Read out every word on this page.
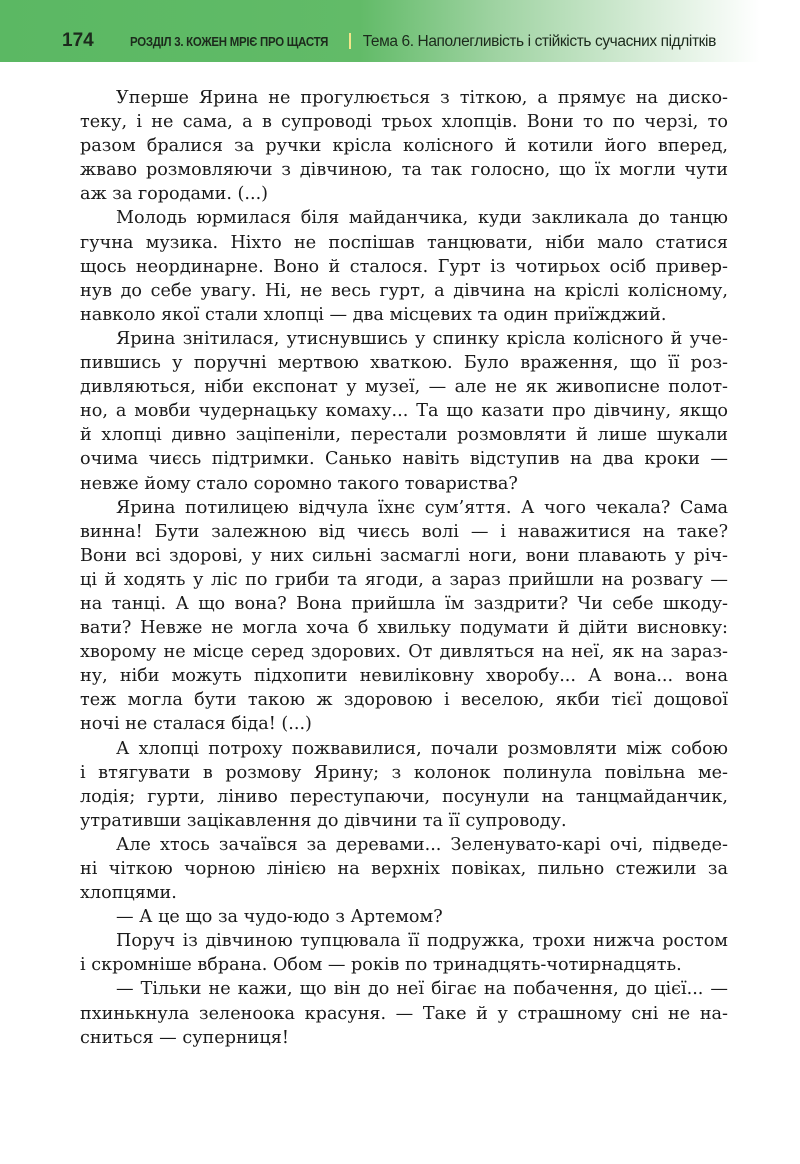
174	РОЗДІЛ 3. КОЖЕН МРІЄ ПРО ЩАСТЯ Тема 6. Наполегливість і стійкість сучасних підлітків
Уперше Ярина не прогулюється з тіткою, а прямує на диско-
теку, і не сама, а в супроводі трьох хлопців. Вони то по черзі, то
разом бралися за ручки крісла колісного й котили його вперед,
жваво розмовляючи з дівчиною, та так голосно, що їх могли чути
аж за городами. (...)
Молодь юрмилася біля майданчика, куди закликала до танцю
гучна музика. Ніхто не поспішав танцювати, ніби мало статися
щось неординарне. Воно й сталося. Гурт із чотирьох осіб привер-
нув до себе увагу. Ні, не весь гурт, а дівчина на кріслі колісному,
навколо якої стали хлопці — два місцевих та один приїжджий.
Ярина знітилася, утиснувшись у спинку крісла колісного й уче-
пившись у поручні мертвою хваткою. Було враження, що її роз-
дивляються, ніби експонат у музеї, — але не як живописне полот-
но, а мовби чудернацьку комаху... Та що казати про дівчину, якщо
й хлопці дивно заціпеніли, перестали розмовляти й лише шукали
очима чиєсь підтримки. Санько навіть відступив на два кроки —
невже йому стало соромно такого товариства?
Ярина потилицею відчула їхнє сум’яття. А чого чекала? Сама
винна! Бути залежною від чиєсь волі — і наважитися на таке?
Вони всі здорові, у них сильні засмаглі ноги, вони плавають у річ-
ці й ходять у ліс по гриби та ягоди, а зараз прийшли на розвагу —
на танці. А що вона? Вона прийшла їм заздрити? Чи себе шкоду-
вати? Невже не могла хоча б хвильку подумати й дійти висновку:
хворому не місце серед здорових. От дивляться на неї, як на зараз-
ну, ніби можуть підхопити невиліковну хворобу... А вона... вона
теж могла бути такою ж здоровою і веселою, якби тієї дощової
ночі не сталася біда! (...)
А хлопці потроху пожвавилися, почали розмовляти між собою
і втягувати в розмову Ярину; з колонок полинула повільна ме-
лодія; гурти, ліниво переступаючи, посунули на танцмайданчик,
утративши зацікавлення до дівчини та її супроводу.
Але хтось зачаївся за деревами... Зеленувато-карі очі, підведе-
ні чіткою чорною лінією на верхніх повіках, пильно стежили за
хлопцями.
— А це що за чудо-юдо з Артемом?
Поруч із дівчиною тупцювала її подружка, трохи нижча ростом
і скромніше вбрана. Обом — років по тринадцять-чотирнадцять.
— Тільки не кажи, що він до неї бігає на побачення, до цієї... —
пхинькнула зеленоока красуня. — Таке й у страшному сні не на-
сниться — суперниця!
